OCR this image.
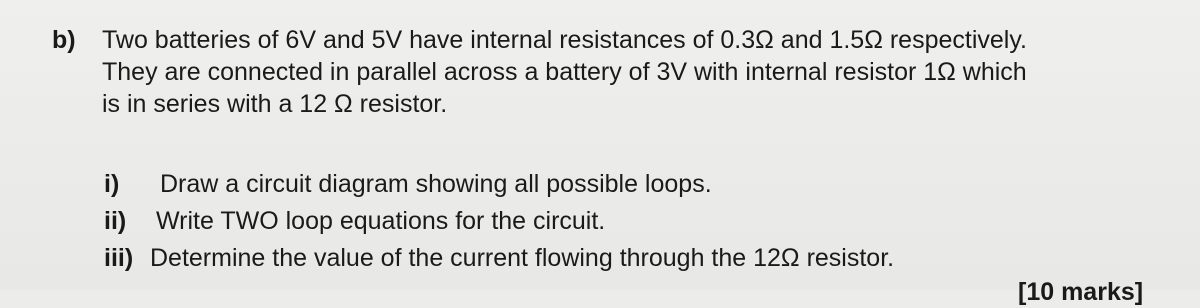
b) Two batteries of 6V and 5V have internal resistances of 0.3Ω and 1.5Ω respectively.
They are connected in parallel across a battery of 3V with internal resistor 1Ω which
is in series with a 12 Ω resistor.
i) Draw a circuit diagram showing all possible loops.
ii) Write TWO loop equations for the circuit.
iii) Determine the value of the current flowing through the 12Ω resistor.
[10 marks]
